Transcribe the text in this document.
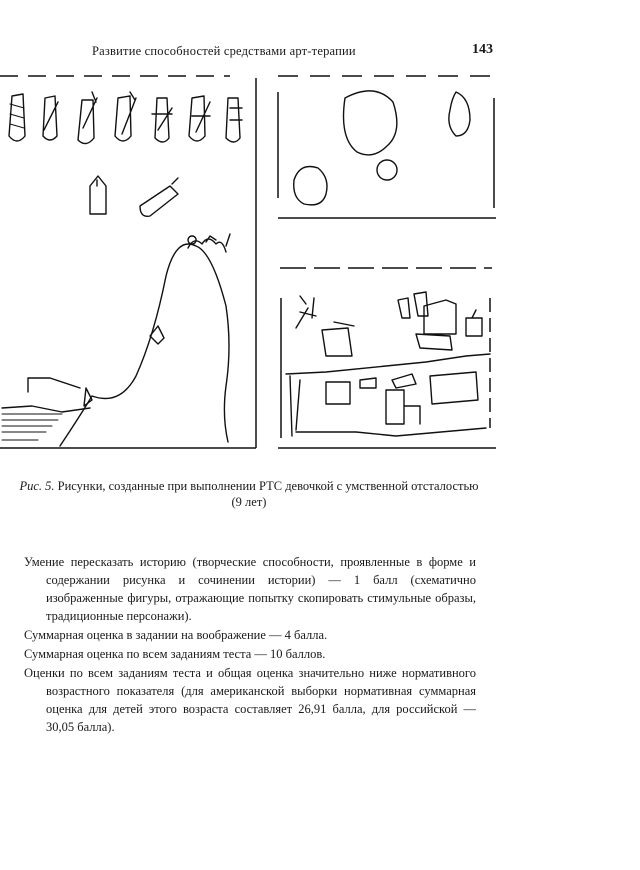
Развитие способностей средствами арт-терапии	143
Рис. 5. Рисунки, созданные при выполнении РТС девочкой с умственной отсталостью (9 лет)

Умение пересказать историю (творческие способности, проявленные в форме и содержании рисунка и сочинении истории) — 1 балл (схематично изображенные фигуры, отражающие попытку скопировать стимульные образы, традиционные персонажи).

Суммарная оценка в задании на воображение — 4 балла.

Суммарная оценка по всем заданиям теста — 10 баллов.

Оценки по всем заданиям теста и общая оценка значительно ниже нормативного возрастного показателя (для американской выборки нормативная суммарная оценка для детей этого возраста составляет 26,91 балла, для российской — 30,05 балла).
